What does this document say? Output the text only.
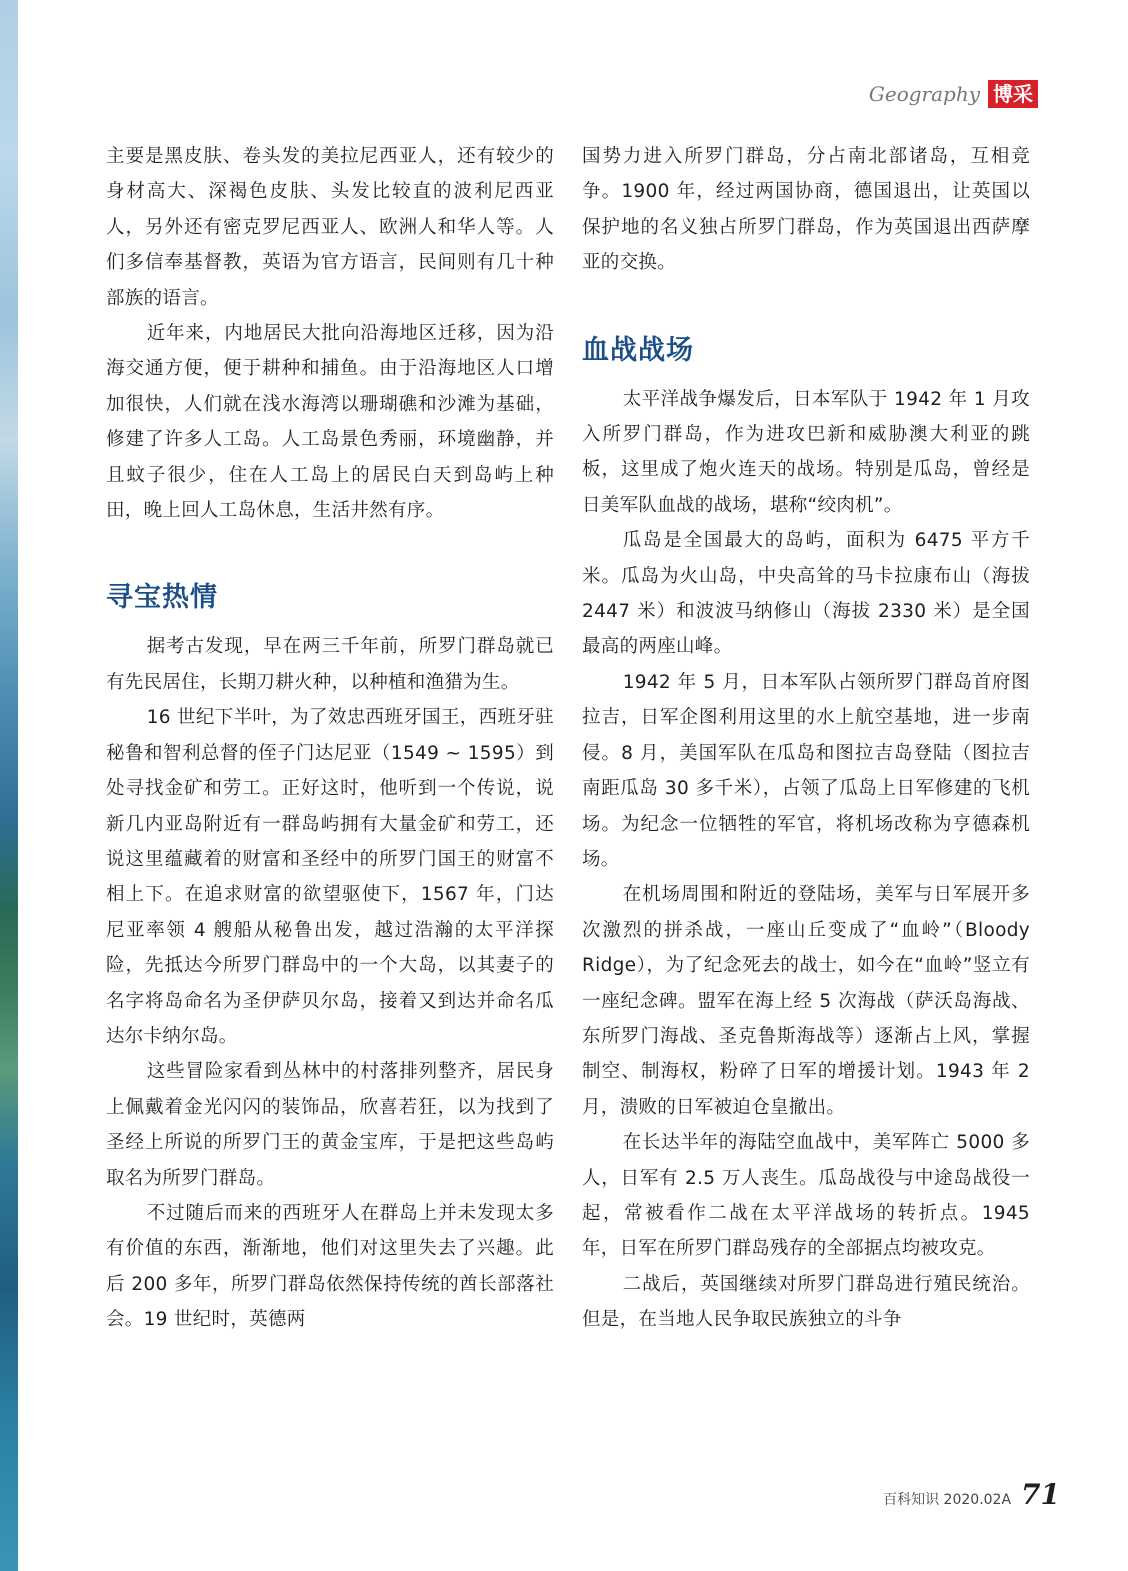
Geography 博采

主要是黑皮肤、卷头发的美拉尼西亚人，还有较少的身材高大、深褐色皮肤、头发比较直的波利尼西亚人，另外还有密克罗尼西亚人、欧洲人和华人等。人们多信奉基督教，英语为官方语言，民间则有几十种部族的语言。

近年来，内地居民大批向沿海地区迁移，因为沿海交通方便，便于耕种和捕鱼。由于沿海地区人口增加很快，人们就在浅水海湾以珊瑚礁和沙滩为基础，修建了许多人工岛。人工岛景色秀丽，环境幽静，并且蚊子很少，住在人工岛上的居民白天到岛屿上种田，晚上回人工岛休息，生活井然有序。

寻宝热情

据考古发现，早在两三千年前，所罗门群岛就已有先民居住，长期刀耕火种，以种植和渔猎为生。

16 世纪下半叶，为了效忠西班牙国王，西班牙驻秘鲁和智利总督的侄子门达尼亚（1549 ~ 1595）到处寻找金矿和劳工。正好这时，他听到一个传说，说新几内亚岛附近有一群岛屿拥有大量金矿和劳工，还说这里蕴藏着的财富和圣经中的所罗门国王的财富不相上下。在追求财富的欲望驱使下，1567 年，门达尼亚率领 4 艘船从秘鲁出发，越过浩瀚的太平洋探险，先抵达今所罗门群岛中的一个大岛，以其妻子的名字将岛命名为圣伊萨贝尔岛，接着又到达并命名瓜达尔卡纳尔岛。

这些冒险家看到丛林中的村落排列整齐，居民身上佩戴着金光闪闪的装饰品，欣喜若狂，以为找到了圣经上所说的所罗门王的黄金宝库，于是把这些岛屿取名为所罗门群岛。

不过随后而来的西班牙人在群岛上并未发现太多有价值的东西，渐渐地，他们对这里失去了兴趣。此后 200 多年，所罗门群岛依然保持传统的酋长部落社会。19 世纪时，英德两

国势力进入所罗门群岛，分占南北部诸岛，互相竞争。1900 年，经过两国协商，德国退出，让英国以保护地的名义独占所罗门群岛，作为英国退出西萨摩亚的交换。

血战战场

太平洋战争爆发后，日本军队于 1942 年 1 月攻入所罗门群岛，作为进攻巴新和威胁澳大利亚的跳板，这里成了炮火连天的战场。特别是瓜岛，曾经是日美军队血战的战场，堪称“绞肉机”。

瓜岛是全国最大的岛屿，面积为 6475 平方千米。瓜岛为火山岛，中央高耸的马卡拉康布山（海拔 2447 米）和波波马纳修山（海拔 2330 米）是全国最高的两座山峰。

1942 年 5 月，日本军队占领所罗门群岛首府图拉吉，日军企图利用这里的水上航空基地，进一步南侵。8 月，美国军队在瓜岛和图拉吉岛登陆（图拉吉南距瓜岛 30 多千米），占领了瓜岛上日军修建的飞机场。为纪念一位牺牲的军官，将机场改称为亨德森机场。

在机场周围和附近的登陆场，美军与日军展开多次激烈的拼杀战，一座山丘变成了“血岭”（Bloody Ridge），为了纪念死去的战士，如今在“血岭”竖立有一座纪念碑。盟军在海上经 5 次海战（萨沃岛海战、东所罗门海战、圣克鲁斯海战等）逐渐占上风，掌握制空、制海权，粉碎了日军的增援计划。1943 年 2 月，溃败的日军被迫仓皇撤出。

在长达半年的海陆空血战中，美军阵亡 5000 多人，日军有 2.5 万人丧生。瓜岛战役与中途岛战役一起，常被看作二战在太平洋战场的转折点。1945 年，日军在所罗门群岛残存的全部据点均被攻克。

二战后，英国继续对所罗门群岛进行殖民统治。但是，在当地人民争取民族独立的斗争

百科知识 2020.02A 71
